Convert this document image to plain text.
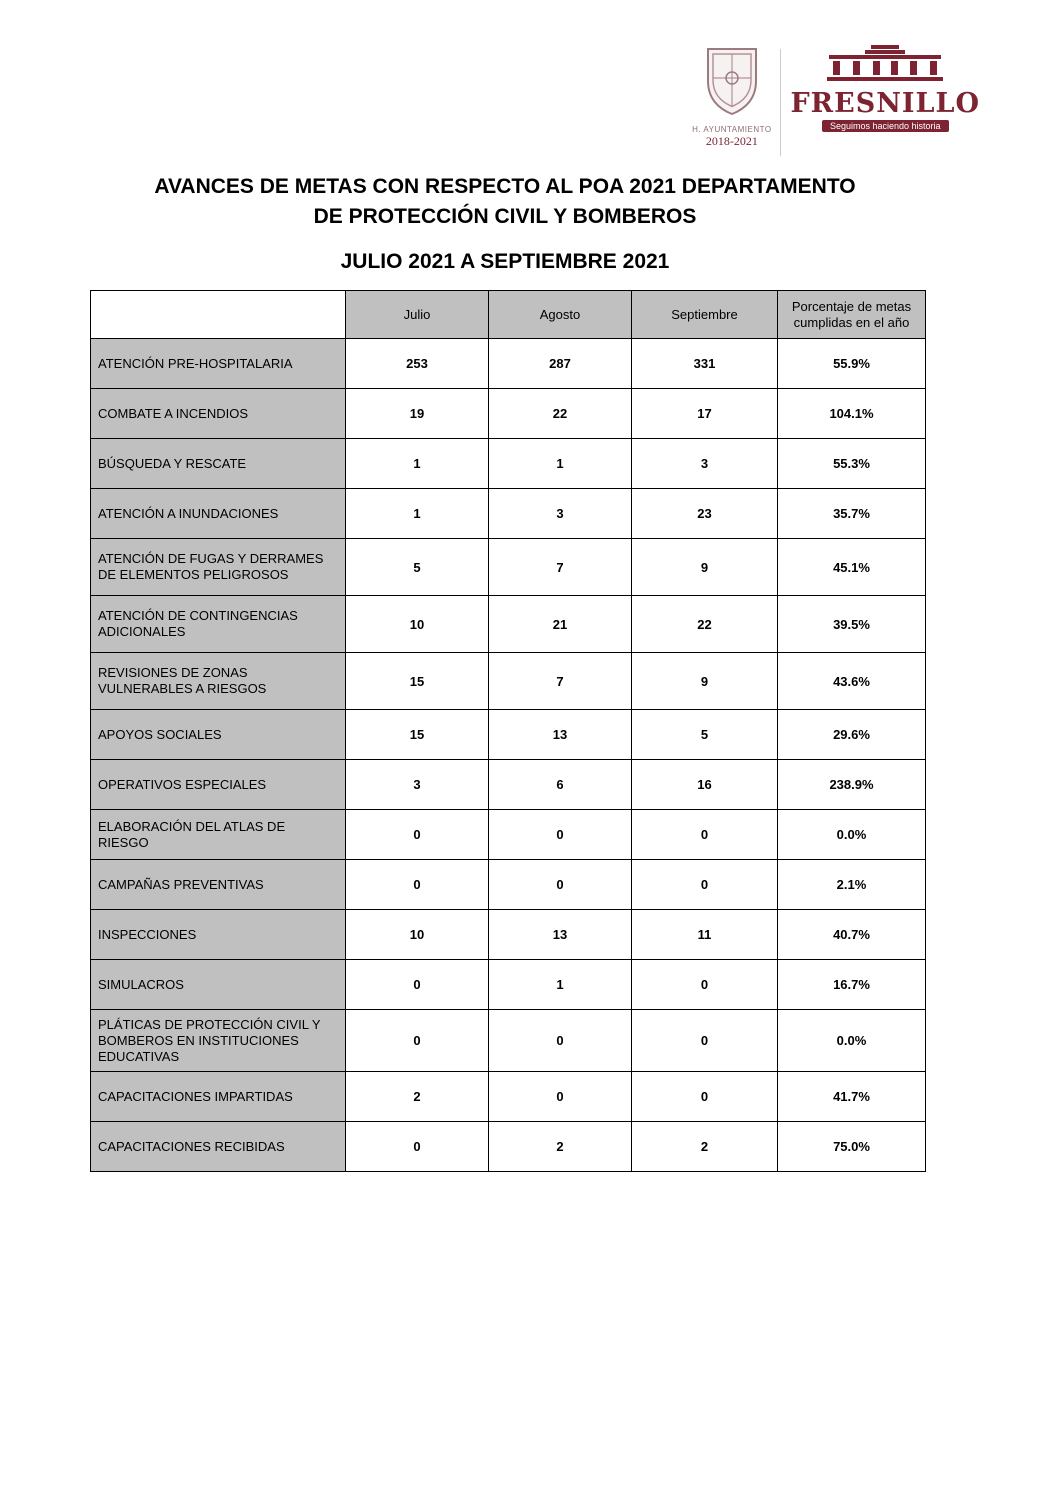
H. AYUNTAMIENTO
2018-2021
FRESNILLO
Seguimos haciendo historia
AVANCES DE METAS CON RESPECTO AL POA 2021 DEPARTAMENTO
DE PROTECCIÓN CIVIL Y BOMBEROS
JULIO 2021 A SEPTIEMBRE 2021
	Julio	Agosto	Septiembre	Porcentaje de metas cumplidas en el año
ATENCIÓN PRE-HOSPITALARIA	253	287	331	55.9%
COMBATE A INCENDIOS	19	22	17	104.1%
BÚSQUEDA Y RESCATE	1	1	3	55.3%
ATENCIÓN A INUNDACIONES	1	3	23	35.7%
ATENCIÓN DE FUGAS Y DERRAMES DE ELEMENTOS PELIGROSOS	5	7	9	45.1%
ATENCIÓN DE CONTINGENCIAS ADICIONALES	10	21	22	39.5%
REVISIONES DE ZONAS VULNERABLES A RIESGOS	15	7	9	43.6%
APOYOS SOCIALES	15	13	5	29.6%
OPERATIVOS ESPECIALES	3	6	16	238.9%
ELABORACIÓN DEL ATLAS DE RIESGO	0	0	0	0.0%
CAMPAÑAS PREVENTIVAS	0	0	0	2.1%
INSPECCIONES	10	13	11	40.7%
SIMULACROS	0	1	0	16.7%
PLÁTICAS DE PROTECCIÓN CIVIL Y BOMBEROS EN INSTITUCIONES EDUCATIVAS	0	0	0	0.0%
CAPACITACIONES IMPARTIDAS	2	0	0	41.7%
CAPACITACIONES RECIBIDAS	0	2	2	75.0%
